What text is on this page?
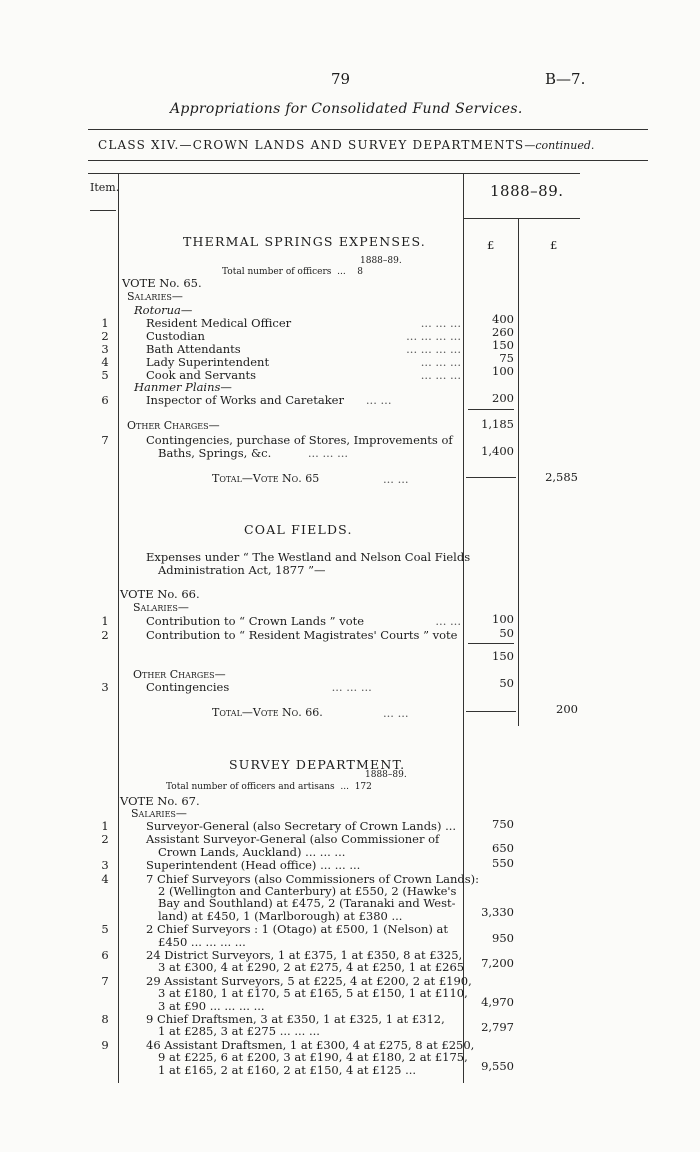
79	B—7.
Appropriations for Consolidated Fund Services.
CLASS XIV.—CROWN LANDS AND SURVEY DEPARTMENTS—continued.
Item.	1888–89.
£	£
THERMAL SPRINGS EXPENSES.
1888–89.
Total number of officers ... 8
VOTE No. 65.
Salaries—
Rotorua—
1	Resident Medical Officer	... ... ...	400
2	Custodian	... ... ... ...	260
3	Bath Attendants	... ... ... ...	150
4	Lady Superintendent	... ... ...	75
5	Cook and Servants	... ... ...	100
Hanmer Plains—
6	Inspector of Works and Caretaker ... ...	200
1,185
Other Charges—
7	Contingencies, purchase of Stores, Improvements of
Baths, Springs, &c.	... ... ...	1,400
Total—Vote No. 65	... ...	2,585
COAL FIELDS.
Expenses under “ The Westland and Nelson Coal Fields
Administration Act, 1877 ”—
VOTE No. 66.
Salaries—
1	Contribution to “ Crown Lands ” vote	... ...	100
2	Contribution to “ Resident Magistrates' Courts ” vote	50
150
Other Charges—
3	Contingencies	... ... ...	50
Total—Vote No. 66.	... ...	200
SURVEY DEPARTMENT.
1888–89.
Total number of officers and artisans ... 172
VOTE No. 67.
Salaries—
1	Surveyor-General (also Secretary of Crown Lands) ...	750
2	Assistant Surveyor-General (also Commissioner of
Crown Lands, Auckland) ... ... ...	650
3	Superintendent (Head office) ... ... ...	550
4	7 Chief Surveyors (also Commissioners of Crown Lands):
2 (Wellington and Canterbury) at £550, 2 (Hawke's
Bay and Southland) at £475, 2 (Taranaki and West-
land) at £450, 1 (Marlborough) at £380 ...	3,330
5	2 Chief Surveyors : 1 (Otago) at £500, 1 (Nelson) at
£450 ... ... ... ...	950
6	24 District Surveyors, 1 at £375, 1 at £350, 8 at £325,
3 at £300, 4 at £290, 2 at £275, 4 at £250, 1 at £265	7,200
7	29 Assistant Surveyors, 5 at £225, 4 at £200, 2 at £190,
3 at £180, 1 at £170, 5 at £165, 5 at £150, 1 at £110,
3 at £90 ... ... ... ...	4,970
8	9 Chief Draftsmen, 3 at £350, 1 at £325, 1 at £312,
1 at £285, 3 at £275 ... ... ...	2,797
9	46 Assistant Draftsmen, 1 at £300, 4 at £275, 8 at £250,
9 at £225, 6 at £200, 3 at £190, 4 at £180, 2 at £175,
1 at £165, 2 at £160, 2 at £150, 4 at £125 ...	9,550
